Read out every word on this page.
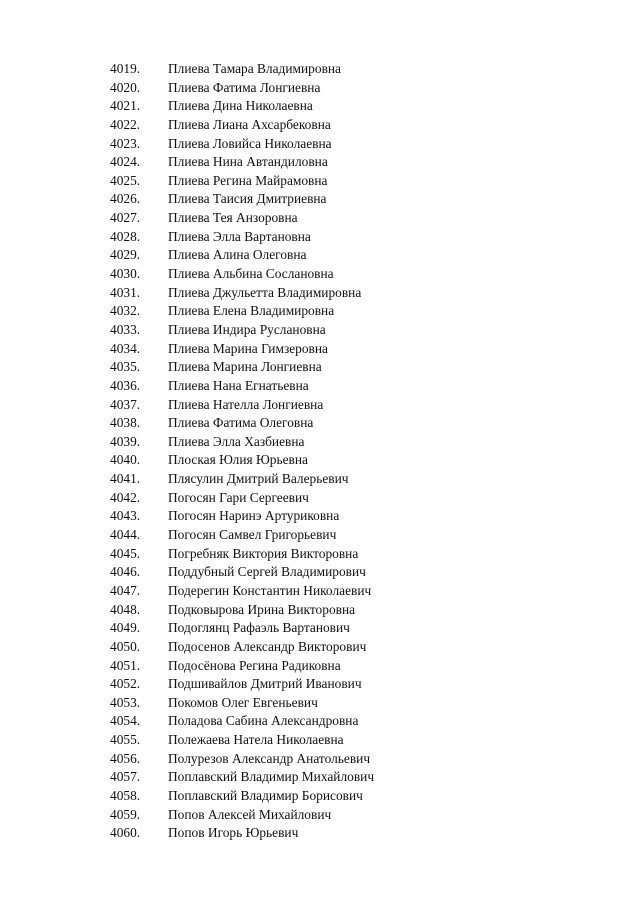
4019. Плиева Тамара Владимировна
4020. Плиева Фатима Лонгиевна
4021. Плиева Дина Николаевна
4022. Плиева Лиана Ахсарбековна
4023. Плиева Ловийса Николаевна
4024. Плиева Нина Автандиловна
4025. Плиева Регина Майрамовна
4026. Плиева Таисия Дмитриевна
4027. Плиева Тея Анзоровна
4028. Плиева Элла Вартановна
4029. Плиева Алина Олеговна
4030. Плиева Альбина Сослановна
4031. Плиева Джульетта Владимировна
4032. Плиева Елена Владимировна
4033. Плиева Индира Руслановна
4034. Плиева Марина Гимзеровна
4035. Плиева Марина Лонгиевна
4036. Плиева Нана Егнатьевна
4037. Плиева Нателла Лонгиевна
4038. Плиева Фатима Олеговна
4039. Плиева Элла Хазбиевна
4040. Плоская Юлия Юрьевна
4041. Плясулин Дмитрий Валерьевич
4042. Погосян Гари Сергеевич
4043. Погосян Наринэ Артуриковна
4044. Погосян Самвел Григорьевич
4045. Погребняк Виктория Викторовна
4046. Поддубный Сергей Владимирович
4047. Подерегин Константин Николаевич
4048. Подковырова Ирина Викторовна
4049. Подоглянц Рафаэль Вартанович
4050. Подосенов Александр Викторович
4051. Подосёнова Регина Радиковна
4052. Подшивайлов Дмитрий Иванович
4053. Покомов Олег Евгеньевич
4054. Поладова Сабина Александровна
4055. Полежаева Натела Николаевна
4056. Полурезов Александр Анатольевич
4057. Поплавский Владимир Михайлович
4058. Поплавский Владимир Борисович
4059. Попов Алексей Михайлович
4060. Попов Игорь Юрьевич
